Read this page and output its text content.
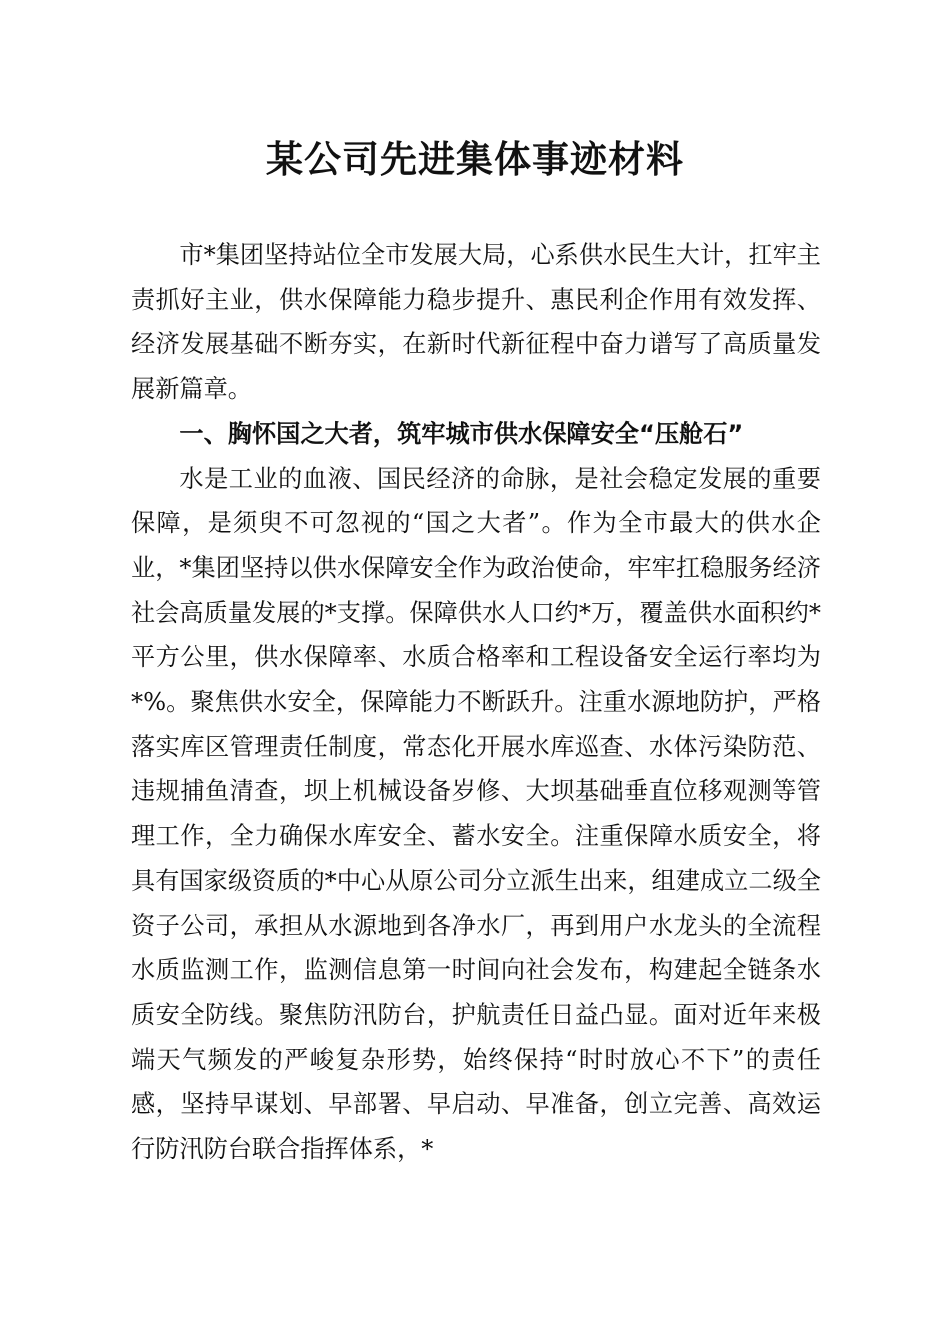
某公司先进集体事迹材料

市*集团坚持站位全市发展大局，心系供水民生大计，扛牢主责抓好主业，供水保障能力稳步提升、惠民利企作用有效发挥、经济发展基础不断夯实，在新时代新征程中奋力谱写了高质量发展新篇章。

一、胸怀国之大者，筑牢城市供水保障安全“压舱石”

水是工业的血液、国民经济的命脉，是社会稳定发展的重要保障，是须臾不可忽视的“国之大者”。作为全市最大的供水企业，*集团坚持以供水保障安全作为政治使命，牢牢扛稳服务经济社会高质量发展的*支撑。保障供水人口约*万，覆盖供水面积约*平方公里，供水保障率、水质合格率和工程设备安全运行率均为*%。聚焦供水安全，保障能力不断跃升。注重水源地防护，严格落实库区管理责任制度，常态化开展水库巡查、水体污染防范、违规捕鱼清查，坝上机械设备岁修、大坝基础垂直位移观测等管理工作，全力确保水库安全、蓄水安全。注重保障水质安全，将具有国家级资质的*中心从原公司分立派生出来，组建成立二级全资子公司，承担从水源地到各净水厂，再到用户水龙头的全流程水质监测工作，监测信息第一时间向社会发布，构建起全链条水质安全防线。聚焦防汛防台，护航责任日益凸显。面对近年来极端天气频发的严峻复杂形势，始终保持“时时放心不下”的责任感，坚持早谋划、早部署、早启动、早准备，创立完善、高效运行防汛防台联合指挥体系，*
